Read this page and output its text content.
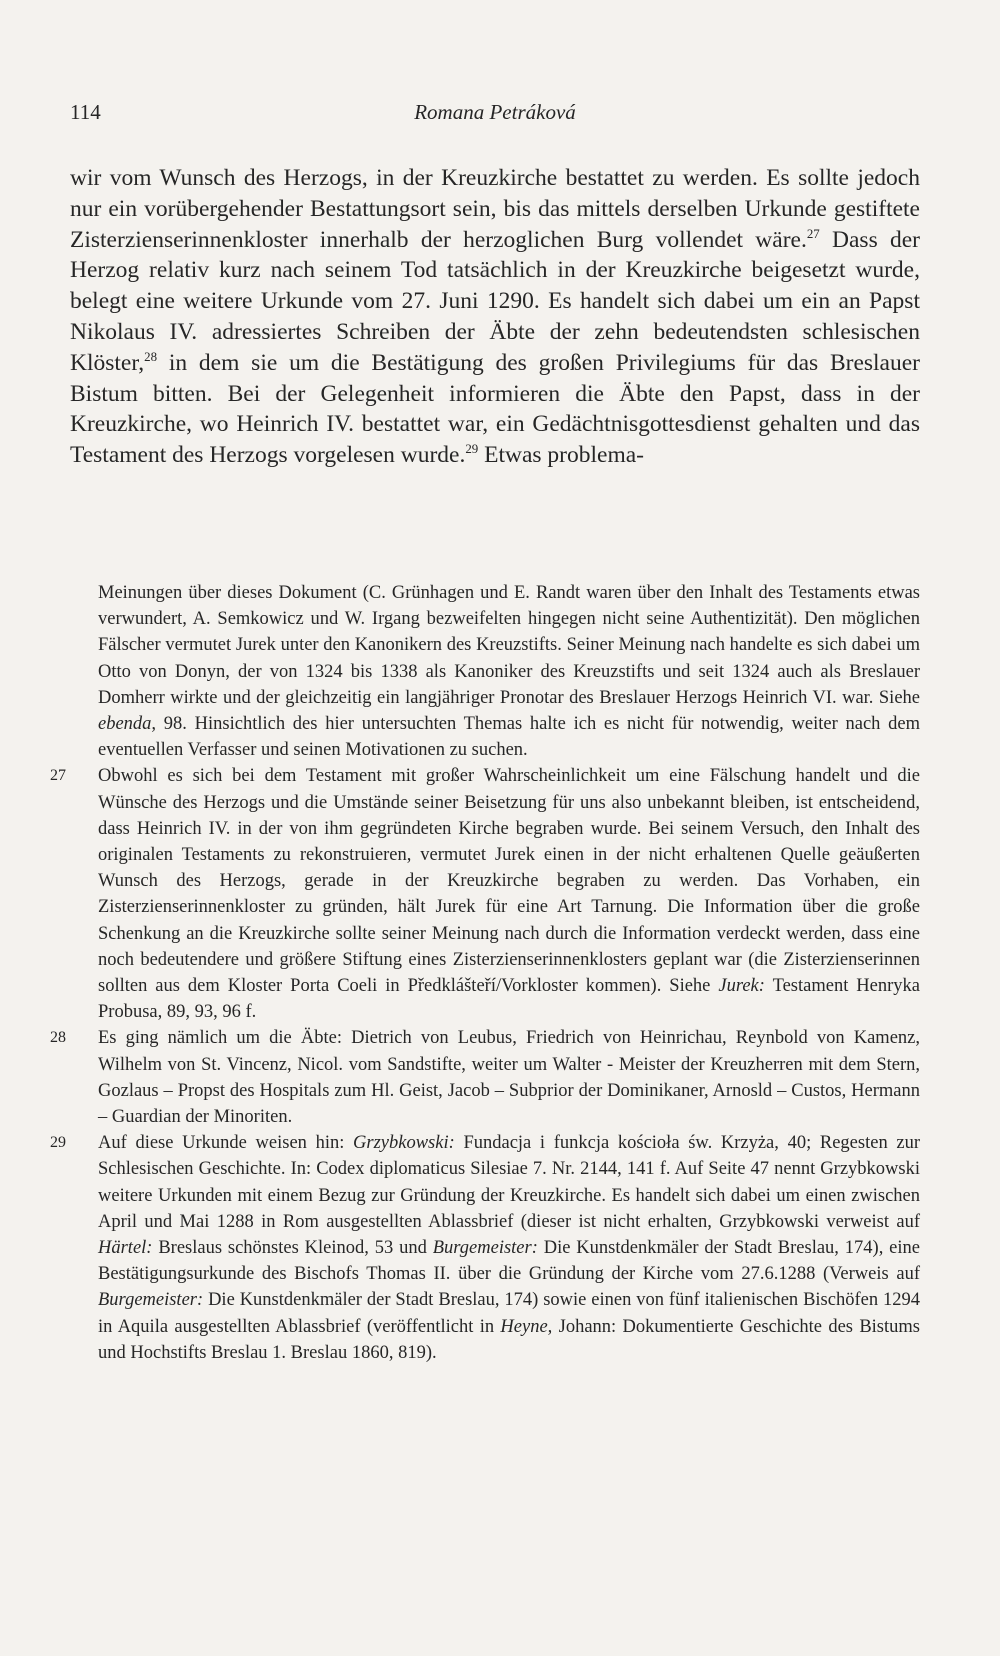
114	Romana Petráková

wir vom Wunsch des Herzogs, in der Kreuzkirche bestattet zu werden. Es sollte jedoch nur ein vorübergehender Bestattungsort sein, bis das mittels derselben Urkunde gestiftete Zisterzienserinnenkloster innerhalb der herzoglichen Burg vollendet wäre.$^{27}$ Dass der Herzog relativ kurz nach seinem Tod tatsächlich in der Kreuzkirche beigesetzt wurde, belegt eine weitere Urkunde vom 27. Juni 1290. Es handelt sich dabei um ein an Papst Nikolaus IV. adressiertes Schreiben der Äbte der zehn bedeutendsten schlesischen Klöster,$^{28}$ in dem sie um die Bestätigung des großen Privilegiums für das Breslauer Bistum bitten. Bei der Gelegenheit informieren die Äbte den Papst, dass in der Kreuzkirche, wo Heinrich IV. bestattet war, ein Gedächtnisgottesdienst gehalten und das Testament des Herzogs vorgelesen wurde.$^{29}$ Etwas problema-

Meinungen über dieses Dokument (C. Grünhagen und E. Randt waren über den Inhalt des Testaments etwas verwundert, A. Semkowicz und W. Irgang bezweifelten hingegen nicht seine Authentizität). Den möglichen Fälscher vermutet Jurek unter den Kanonikern des Kreuzstifts. Seiner Meinung nach handelte es sich dabei um Otto von Donyn, der von 1324 bis 1338 als Kanoniker des Kreuzstifts und seit 1324 auch als Breslauer Domherr wirkte und der gleichzeitig ein langjähriger Pronotar des Breslauer Herzogs Heinrich VI. war. Siehe ebenda, 98. Hinsichtlich des hier untersuchten Themas halte ich es nicht für notwendig, weiter nach dem eventuellen Verfasser und seinen Motivationen zu suchen.
27 Obwohl es sich bei dem Testament mit großer Wahrscheinlichkeit um eine Fälschung handelt und die Wünsche des Herzogs und die Umstände seiner Beisetzung für uns also unbekannt bleiben, ist entscheidend, dass Heinrich IV. in der von ihm gegründeten Kirche begraben wurde. Bei seinem Versuch, den Inhalt des originalen Testaments zu rekonstruieren, vermutet Jurek einen in der nicht erhaltenen Quelle geäußerten Wunsch des Herzogs, gerade in der Kreuzkirche begraben zu werden. Das Vorhaben, ein Zisterzienserinnenkloster zu gründen, hält Jurek für eine Art Tarnung. Die Information über die große Schenkung an die Kreuzkirche sollte seiner Meinung nach durch die Information verdeckt werden, dass eine noch bedeutendere und größere Stiftung eines Zisterzienserinnenklosters geplant war (die Zisterzienserinnen sollten aus dem Kloster Porta Coeli in Předklášteří/Vorkloster kommen). Siehe Jurek: Testament Henryka Probusa, 89, 93, 96 f.
28 Es ging nämlich um die Äbte: Dietrich von Leubus, Friedrich von Heinrichau, Reynbold von Kamenz, Wilhelm von St. Vincenz, Nicol. vom Sandstifte, weiter um Walter - Meister der Kreuzherren mit dem Stern, Gozlaus – Propst des Hospitals zum Hl. Geist, Jacob – Subprior der Dominikaner, Arnosld – Custos, Hermann – Guardian der Minoriten.
29 Auf diese Urkunde weisen hin: Grzybkowski: Fundacja i funkcja kościoła św. Krzyża, 40; Regesten zur Schlesischen Geschichte. In: Codex diplomaticus Silesiae 7. Nr. 2144, 141 f. Auf Seite 47 nennt Grzybkowski weitere Urkunden mit einem Bezug zur Gründung der Kreuzkirche. Es handelt sich dabei um einen zwischen April und Mai 1288 in Rom ausgestellten Ablassbrief (dieser ist nicht erhalten, Grzybkowski verweist auf Härtel: Breslaus schönstes Kleinod, 53 und Burgemeister: Die Kunstdenkmäler der Stadt Breslau, 174), eine Bestätigungsurkunde des Bischofs Thomas II. über die Gründung der Kirche vom 27.6.1288 (Verweis auf Burgemeister: Die Kunstdenkmäler der Stadt Breslau, 174) sowie einen von fünf italienischen Bischöfen 1294 in Aquila ausgestellten Ablassbrief (veröffentlicht in Heyne, Johann: Dokumentierte Geschichte des Bistums und Hochstifts Breslau 1. Breslau 1860, 819).
